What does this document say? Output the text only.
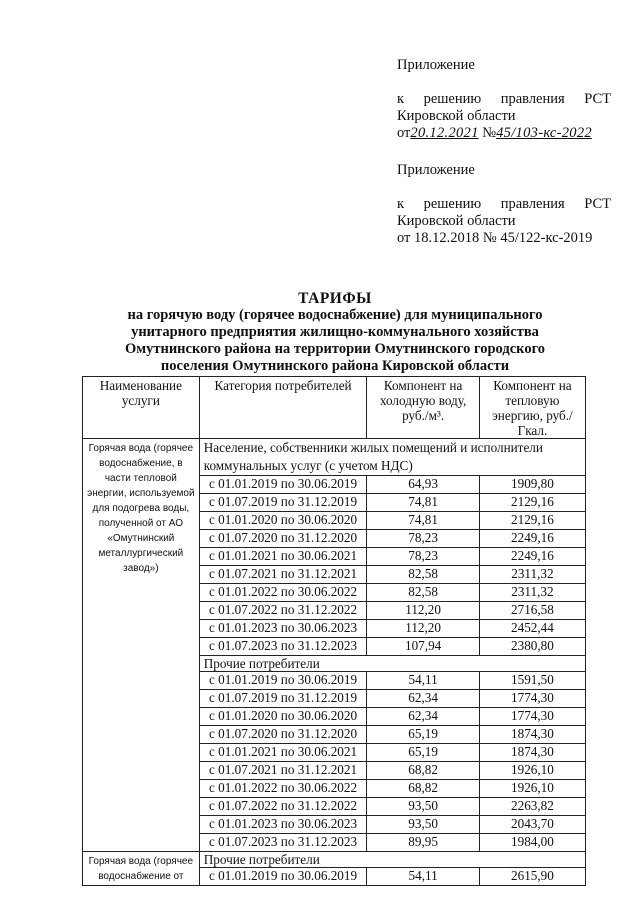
Приложение
к решению правления РСТ
Кировской области
от20.12.2021 №45/103-кс-2022
Приложение
к решению правления РСТ
Кировской области
от 18.12.2018 № 45/122-кс-2019
ТАРИФЫ
на горячую воду (горячее водоснабжение) для муниципального
унитарного предприятия жилищно-коммунального хозяйства
Омутнинского района на территории Омутнинского городского
поселения Омутнинского района Кировской области
Наименование услуги	Категория потребителей	Компонент на холодную воду, руб./м³.	Компонент на тепловую энергию, руб./Гкал.
Горячая вода (горячее водоснабжение, в части тепловой энергии, используемой для подогрева воды, полученной от АО «Омутнинский металлургический завод»)	Население, собственники жилых помещений и исполнители коммунальных услуг (с учетом НДС)		
	с 01.01.2019 по 30.06.2019	64,93	1909,80
	с 01.07.2019 по 31.12.2019	74,81	2129,16
	с 01.01.2020 по 30.06.2020	74,81	2129,16
	с 01.07.2020 по 31.12.2020	78,23	2249,16
	с 01.01.2021 по 30.06.2021	78,23	2249,16
	с 01.07.2021 по 31.12.2021	82,58	2311,32
	с 01.01.2022 по 30.06.2022	82,58	2311,32
	с 01.07.2022 по 31.12.2022	112,20	2716,58
	с 01.01.2023 по 30.06.2023	112,20	2452,44
	с 01.07.2023 по 31.12.2023	107,94	2380,80
	Прочие потребители		
	с 01.01.2019 по 30.06.2019	54,11	1591,50
	с 01.07.2019 по 31.12.2019	62,34	1774,30
	с 01.01.2020 по 30.06.2020	62,34	1774,30
	с 01.07.2020 по 31.12.2020	65,19	1874,30
	с 01.01.2021 по 30.06.2021	65,19	1874,30
	с 01.07.2021 по 31.12.2021	68,82	1926,10
	с 01.01.2022 по 30.06.2022	68,82	1926,10
	с 01.07.2022 по 31.12.2022	93,50	2263,82
	с 01.01.2023 по 30.06.2023	93,50	2043,70
	с 01.07.2023 по 31.12.2023	89,95	1984,00
Горячая вода (горячее водоснабжение от	Прочие потребители		
	с 01.01.2019 по 30.06.2019	54,11	2615,90
